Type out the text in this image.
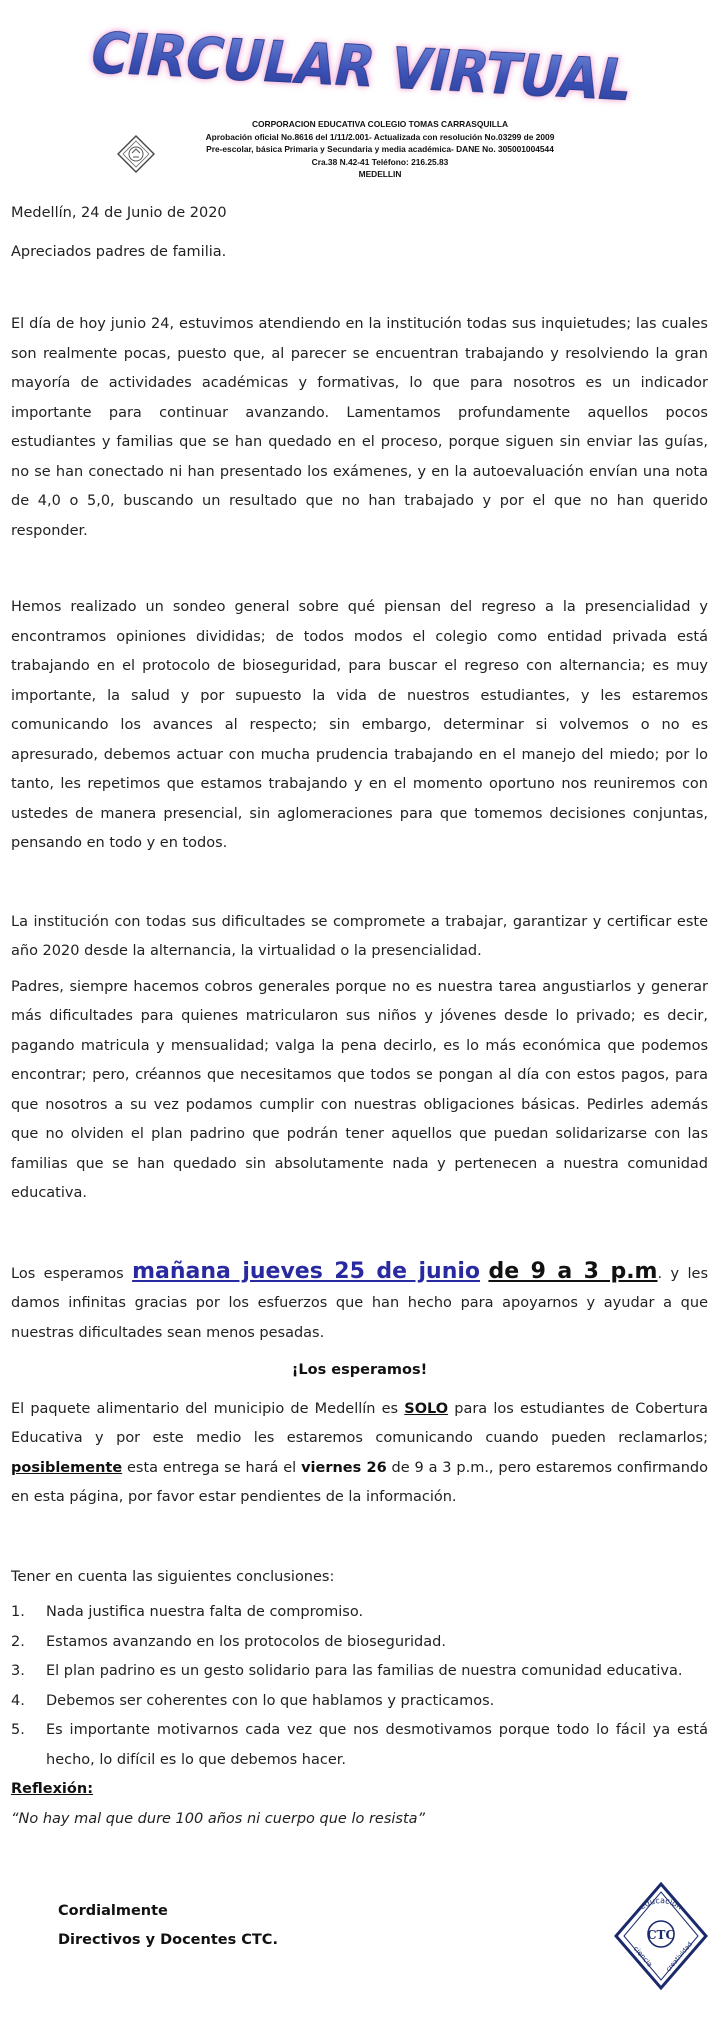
CIRCULAR VIRTUAL
CORPORACION EDUCATIVA COLEGIO TOMAS CARRASQUILLA
Aprobación oficial No.8616 del 1/11/2.001- Actualizada con resolución No.03299 de 2009
Pre-escolar, básica Primaria y Secundaria y media académica- DANE No. 305001004544
Cra.38 N.42-41 Teléfono: 216.25.83
MEDELLIN

Medellín, 24 de Junio de 2020

Apreciados padres de familia.

El día de hoy junio 24, estuvimos atendiendo en la institución todas sus inquietudes; las cuales son realmente pocas, puesto que, al parecer se encuentran trabajando y resolviendo la gran mayoría de actividades académicas y formativas, lo que para nosotros es un indicador importante para continuar avanzando. Lamentamos profundamente aquellos pocos estudiantes y familias que se han quedado en el proceso, porque siguen sin enviar las guías, no se han conectado ni han presentado los exámenes, y en la autoevaluación envían una nota de 4,0 o 5,0, buscando un resultado que no han trabajado y por el que no han querido responder.

Hemos realizado un sondeo general sobre qué piensan del regreso a la presencialidad y encontramos opiniones divididas; de todos modos el colegio como entidad privada está trabajando en el protocolo de bioseguridad, para buscar el regreso con alternancia; es muy importante, la salud y por supuesto la vida de nuestros estudiantes, y les estaremos comunicando los avances al respecto; sin embargo, determinar si volvemos o no es apresurado, debemos actuar con mucha prudencia trabajando en el manejo del miedo; por lo tanto, les repetimos que estamos trabajando y en el momento oportuno nos reuniremos con ustedes de manera presencial, sin aglomeraciones para que tomemos decisiones conjuntas, pensando en todo y en todos.

La institución con todas sus dificultades se compromete a trabajar, garantizar y certificar este año 2020 desde la alternancia, la virtualidad o la presencialidad.

Padres, siempre hacemos cobros generales porque no es nuestra tarea angustiarlos y generar más dificultades para quienes matricularon sus niños y jóvenes desde lo privado; es decir, pagando matricula y mensualidad; valga la pena decirlo, es lo más económica que podemos encontrar; pero, créannos que necesitamos que todos se pongan al día con estos pagos, para que nosotros a su vez podamos cumplir con nuestras obligaciones básicas. Pedirles además que no olviden el plan padrino que podrán tener aquellos que puedan solidarizarse con las familias que se han quedado sin absolutamente nada y pertenecen a nuestra comunidad educativa.

Los esperamos mañana jueves 25 de junio de 9 a 3 p.m. y les damos infinitas gracias por los esfuerzos que han hecho para apoyarnos y ayudar a que nuestras dificultades sean menos pesadas.

¡Los esperamos!

El paquete alimentario del municipio de Medellín es SOLO para los estudiantes de Cobertura Educativa y por este medio les estaremos comunicando cuando pueden reclamarlos; posiblemente esta entrega se hará el viernes 26 de 9 a 3 p.m., pero estaremos confirmando en esta página, por favor estar pendientes de la información.

Tener en cuenta las siguientes conclusiones:

1. Nada justifica nuestra falta de compromiso.
2. Estamos avanzando en los protocolos de bioseguridad.
3. El plan padrino es un gesto solidario para las familias de nuestra comunidad educativa.
4. Debemos ser coherentes con lo que hablamos y practicamos.
5. Es importante motivarnos cada vez que nos desmotivamos porque todo lo fácil ya está hecho, lo difícil es lo que debemos hacer.

Reflexión:

“No hay mal que dure 100 años ni cuerpo que lo resista”

Cordialmente
Directivos y Docentes CTC.	CTC
educación
ciencia
creatividad
